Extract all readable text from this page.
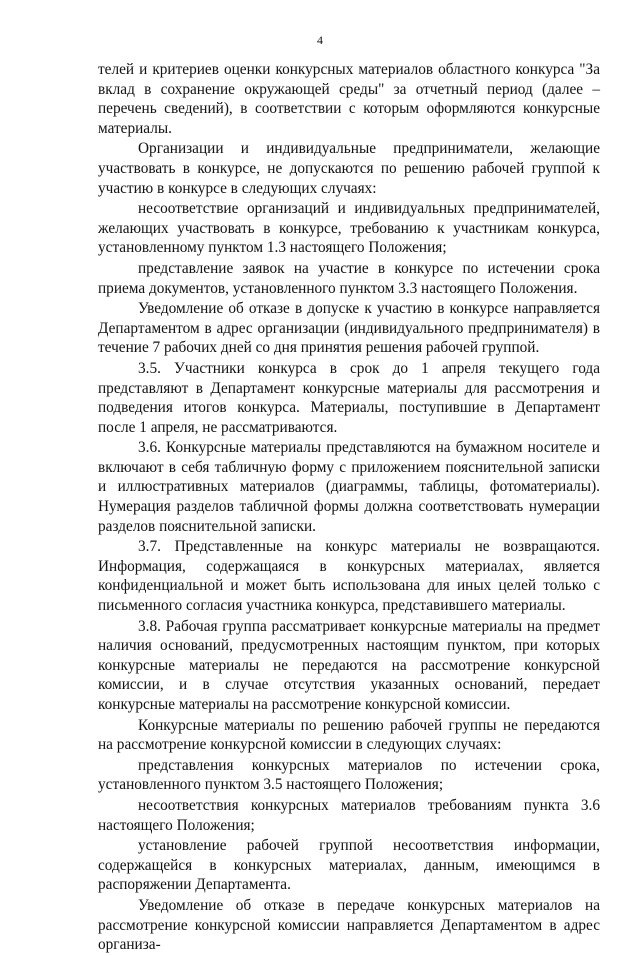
4

телей и критериев оценки конкурсных материалов областного конкурса "За вклад в сохранение окружающей среды" за отчетный период (далее – перечень сведений), в соответствии с которым оформляются конкурсные материалы.

Организации и индивидуальные предприниматели, желающие участвовать в конкурсе, не допускаются по решению рабочей группой к участию в конкурсе в следующих случаях:

несоответствие организаций и индивидуальных предпринимателей, желающих участвовать в конкурсе, требованию к участникам конкурса, установленному пунктом 1.3 настоящего Положения;

представление заявок на участие в конкурсе по истечении срока приема документов, установленного пунктом 3.3 настоящего Положения.

Уведомление об отказе в допуске к участию в конкурсе направляется Департаментом в адрес организации (индивидуального предпринимателя) в течение 7 рабочих дней со дня принятия решения рабочей группой.

3.5. Участники конкурса в срок до 1 апреля текущего года представляют в Департамент конкурсные материалы для рассмотрения и подведения итогов конкурса. Материалы, поступившие в Департамент после 1 апреля, не рассматриваются.

3.6. Конкурсные материалы представляются на бумажном носителе и включают в себя табличную форму с приложением пояснительной записки и иллюстративных материалов (диаграммы, таблицы, фотоматериалы). Нумерация разделов табличной формы должна соответствовать нумерации разделов пояснительной записки.

3.7. Представленные на конкурс материалы не возвращаются. Информация, содержащаяся в конкурсных материалах, является конфиденциальной и может быть использована для иных целей только с письменного согласия участника конкурса, представившего материалы.

3.8. Рабочая группа рассматривает конкурсные материалы на предмет наличия оснований, предусмотренных настоящим пунктом, при которых конкурсные материалы не передаются на рассмотрение конкурсной комиссии, и в случае отсутствия указанных оснований, передает конкурсные материалы на рассмотрение конкурсной комиссии.

Конкурсные материалы по решению рабочей группы не передаются на рассмотрение конкурсной комиссии в следующих случаях:

представления конкурсных материалов по истечении срока, установленного пунктом 3.5 настоящего Положения;

несоответствия конкурсных материалов требованиям пункта 3.6 настоящего Положения;

установление рабочей группой несоответствия информации, содержащейся в конкурсных материалах, данным, имеющимся в распоряжении Департамента.

Уведомление об отказе в передаче конкурсных материалов на рассмотрение конкурсной комиссии направляется Департаментом в адрес организа-
